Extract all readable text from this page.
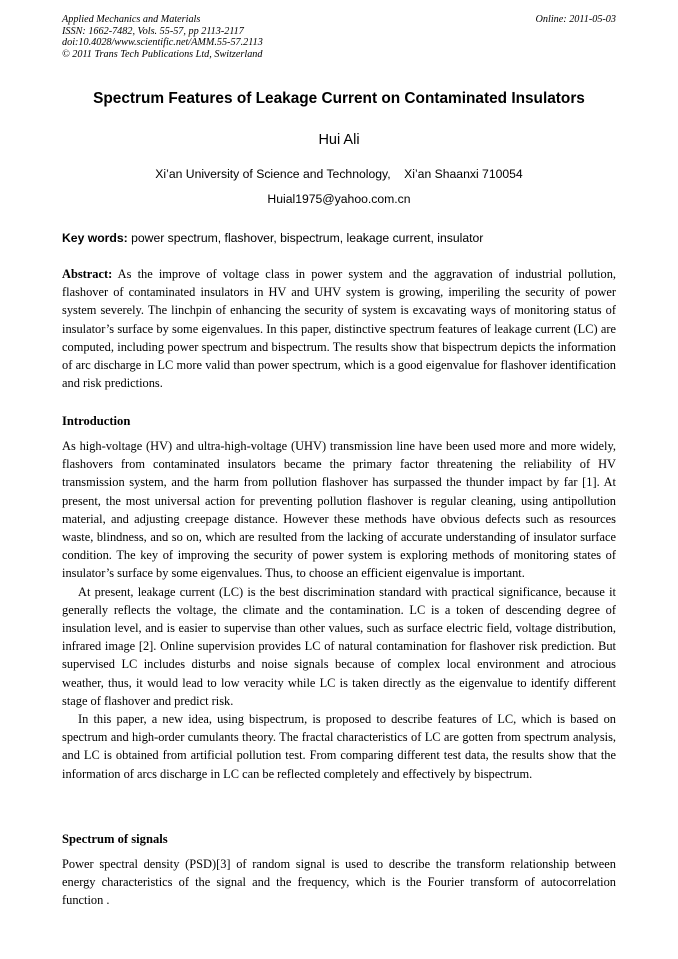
Applied Mechanics and Materials
ISSN: 1662-7482, Vols. 55-57, pp 2113-2117
doi:10.4028/www.scientific.net/AMM.55-57.2113
© 2011 Trans Tech Publications Ltd, Switzerland
Online: 2011-05-03
Spectrum Features of Leakage Current on Contaminated Insulators
Hui Ali
Xi’an University of Science and Technology,    Xi’an Shaanxi 710054
Huial1975@yahoo.com.cn
Key words: power spectrum, flashover, bispectrum, leakage current, insulator
Abstract: As the improve of voltage class in power system and the aggravation of industrial pollution, flashover of contaminated insulators in HV and UHV system is growing, imperiling the security of power system severely. The linchpin of enhancing the security of system is excavating ways of monitoring status of insulator’s surface by some eigenvalues. In this paper, distinctive spectrum features of leakage current (LC) are computed, including power spectrum and bispectrum. The results show that bispectrum depicts the information of arc discharge in LC more valid than power spectrum, which is a good eigenvalue for flashover identification and risk predictions.
Introduction

As high-voltage (HV) and ultra-high-voltage (UHV) transmission line have been used more and more widely, flashovers from contaminated insulators became the primary factor threatening the reliability of HV transmission system, and the harm from pollution flashover has surpassed the thunder impact by far [1]. At present, the most universal action for preventing pollution flashover is regular cleaning, using antipollution material, and adjusting creepage distance. However these methods have obvious defects such as resources waste, blindness, and so on, which are resulted from the lacking of accurate understanding of insulator surface condition. The key of improving the security of power system is exploring methods of monitoring states of insulator’s surface by some eigenvalues. Thus, to choose an efficient eigenvalue is important.

At present, leakage current (LC) is the best discrimination standard with practical significance, because it generally reflects the voltage, the climate and the contamination. LC is a token of descending degree of insulation level, and is easier to supervise than other values, such as surface electric field, voltage distribution, infrared image [2]. Online supervision provides LC of natural contamination for flashover risk prediction. But supervised LC includes disturbs and noise signals because of complex local environment and atrocious weather, thus, it would lead to low veracity while LC is taken directly as the eigenvalue to identify different stage of flashover and predict risk.

In this paper, a new idea, using bispectrum, is proposed to describe features of LC, which is based on spectrum and high-order cumulants theory. The fractal characteristics of LC are gotten from spectrum analysis, and LC is obtained from artificial pollution test. From comparing different test data, the results show that the information of arcs discharge in LC can be reflected completely and effectively by bispectrum.

Spectrum of signals
Power spectral density (PSD)[3] of random signal is used to describe the transform relationship between energy characteristics of the signal and the frequency, which is the Fourier transform of autocorrelation function .
